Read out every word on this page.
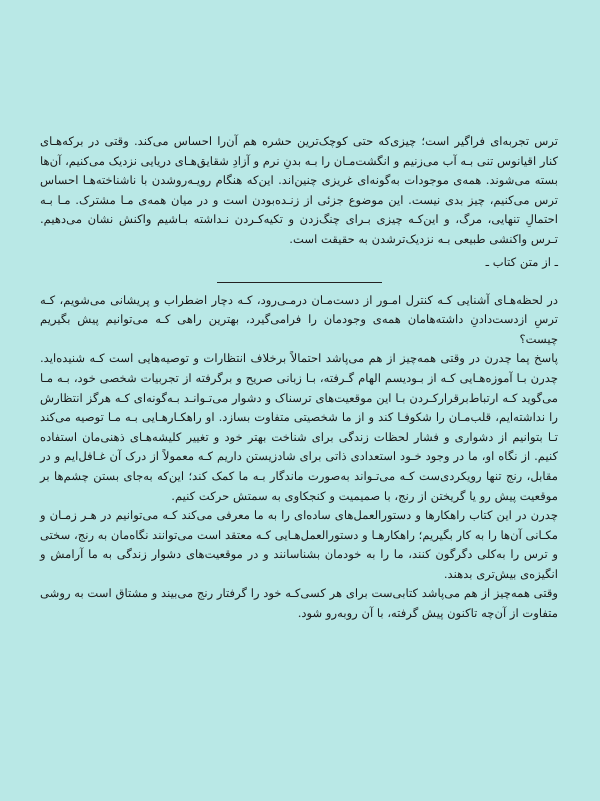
ترس تجربه‌ای فراگیر است؛ چیزی‌که حتی کوچک‌ترین حشره هم آن‌را احساس می‌کند. وقتی در برکه‌هـای کنار اقیانوس تنی بـه آب می‌زنیم و انگشت‌مـان را بـه بدنِ نرم و آزادِ شقایق‌هـای دریایی نزدیک می‌کنیم، آن‌ها بسته می‌شوند. همه‌ی موجودات به‌گونه‌ای غریزی چنین‌اند. این‌که هنگام رویـه‌روشدن با ناشناخته‌هـا احساس ترس می‌کنیم، چیز بدی نیست. این موضوع جزئی از زنـده‌بودن است و در میان همه‌ی مـا مشترک. مـا بـه احتمالِ تنهایی، مرگ، و این‌کـه چیزی بـرای چنگ‌زدن و تکیه‌کـردن نـداشته بـاشیم واکنش نشان می‌دهیم. تـرس واکنشی طبیعی بـه نزدیک‌ترشدن به حقیقت است.

ـ از متن کتاب ـ

در لحظه‌هـای آشنایی کـه کنترل امـور از دست‌مـان درمـی‌رود، کـه دچار اضطراب و پریشانی می‌شویم، کـه ترسِ ازدست‌دادنِ داشته‌هامان همه‌ی وجودمان را فرامی‌گیرد، بهترین راهی کـه می‌توانیم پیش بگیریم چیست؟

پاسخ پما چدرن در وقتی همه‌چیز از هم می‌پاشد احتمالاً برخلاف انتظارات و توصیه‌هایی است کـه شنیده‌اید. چدرن بـا آموزه‌هـایی کـه از بـودیسم الهام گـرفته، بـا زبانی صریح و برگرفته از تجربیات شخصی خود، بـه مـا می‌گوید کـه ارتباط‌برقرارکـردن بـا این موقعیت‌های ترسناک و دشوار می‌تـوانـد بـه‌گونه‌ای کـه هرگز انتظارش را نداشته‌ایم، قلب‌مـان را شکوفـا کند و از ما شخصیتی متفاوت بسازد. او راهکـارهـایی بـه مـا توصیه می‌کند تـا بتوانیم از دشواری و فشار لحظات زندگی برای شناخت بهتر خود و تغییر کلیشه‌هـای ذهنی‌مان استفاده کنیم. از نگاه او، ما در وجود خـود استعدادی ذاتی برای شادزیستن داریم کـه معمولاً از درک آن غـافل‌ایم و در مقابل، رنج تنها رویکردی‌ست کـه می‌تـواند به‌صورت ماندگار بـه ما کمک کند؛ این‌که به‌جای بستن چشم‌ها بر موقعیت پیش رو یا گریختن از رنج، با صمیمیت و کنجکاوی به سمتش حرکت کنیم.

چدرن در این کتاب راهکارها و دستورالعمل‌های ساده‌ای را به ما معرفی می‌کند کـه می‌توانیم در هـر زمـان و مکـانی آن‌ها را به کار بگیریم؛ راهکارهـا و دستورالعمل‌هـایی کـه معتقد است می‌توانند نگاه‌مان به رنج، سختی و ترس را به‌کلی دگرگون کنند، ما را به خودمان بشناسانند و در موقعیت‌های دشوار زندگی به ما آرامش و انگیزه‌ی بیش‌تری بدهند.

وقتی همه‌چیز از هم می‌پاشد کتابی‌ست برای هر کسی‌کـه خود را گرفتار رنج می‌بیند و مشتاق است به روشی متفاوت از آن‌چه تاکنون پیش گرفته، با آن روبه‌رو شود.
